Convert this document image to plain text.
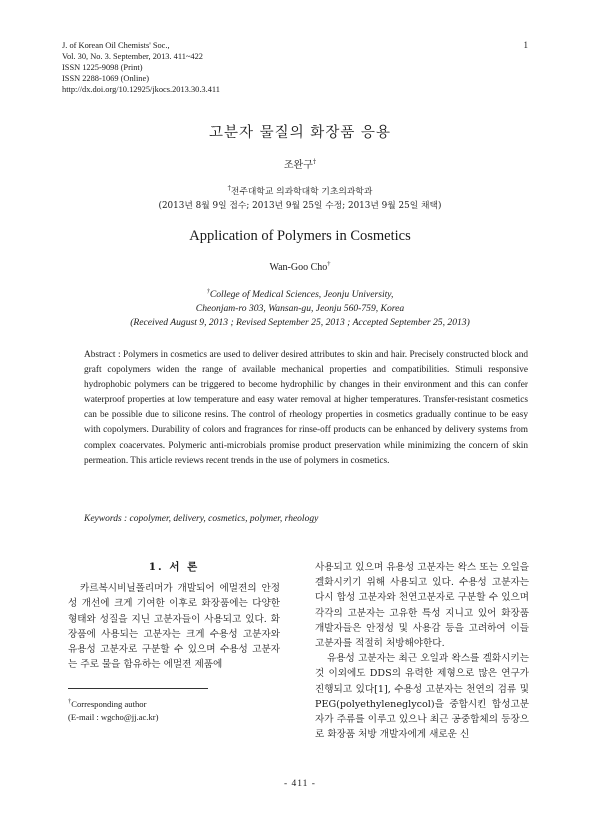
J. of Korean Oil Chemists' Soc.,
Vol. 30, No. 3. September, 2013. 411~422
ISSN 1225-9098 (Print)
ISSN 2288-1069 (Online)
http://dx.doi.org/10.12925/jkocs.2013.30.3.411
1
고분자 물질의 화장품 응용
조완구†
†전주대학교 의과학대학 기초의과학과
(2013년 8월 9일 접수; 2013년 9월 25일 수정; 2013년 9월 25일 채택)
Application of Polymers in Cosmetics
Wan-Goo Cho†
†College of Medical Sciences, Jeonju University,
Cheonjam-ro 303, Wansan-gu, Jeonju 560-759, Korea
(Received August 9, 2013 ; Revised September 25, 2013 ; Accepted September 25, 2013)
Abstract : Polymers in cosmetics are used to deliver desired attributes to skin and hair. Precisely constructed block and graft copolymers widen the range of available mechanical properties and compatibilities. Stimuli responsive hydrophobic polymers can be triggered to become hydrophilic by changes in their environment and this can confer waterproof properties at low temperature and easy water removal at higher temperatures. Transfer-resistant cosmetics can be possible due to silicone resins. The control of rheology properties in cosmetics gradually continue to be easy with copolymers. Durability of colors and fragrances for rinse-off products can be enhanced by delivery systems from complex coacervates. Polymeric anti-microbials promise product preservation while minimizing the concern of skin permeation. This article reviews recent trends in the use of polymers in cosmetics.
Keywords : copolymer, delivery, cosmetics, polymer, rheology
1. 서 론

카르복시비닐폴리머가 개발되어 에멀젼의 안정성 개선에 크게 기여한 이후로 화장품에는 다양한 형태와 성질을 지닌 고분자들이 사용되고 있다. 화장품에 사용되는 고분자는 크게 수용성 고분자와 유용성 고분자로 구분할 수 있으며 수용성 고분자는 주로 물을 함유하는 에멀젼 제품에

사용되고 있으며 유용성 고분자는 왁스 또는 오일을 겔화시키기 위해 사용되고 있다. 수용성 고분자는 다시 합성 고분자와 천연고분자로 구분할 수 있으며 각각의 고분자는 고유한 특성 지니고 있어 화장품 개발자들은 안정성 및 사용감 등을 고려하여 이들 고분자를 적절히 처방해야한다.

유용성 고분자는 최근 오일과 왁스를 겔화시키는 것 이외에도 DDS의 유력한 제형으로 많은 연구가 진행되고 있다[1], 수용성 고분자는 천연의 검류 및 PEG(polyethyleneglycol)을 중합시킨 합성고분자가 주류를 이루고 있으나 최근 공중합체의 등장으로 화장품 처방 개발자에게 새로운 신

†Corresponding author
(E-mail : wgcho@jj.ac.kr)
- 411 -
